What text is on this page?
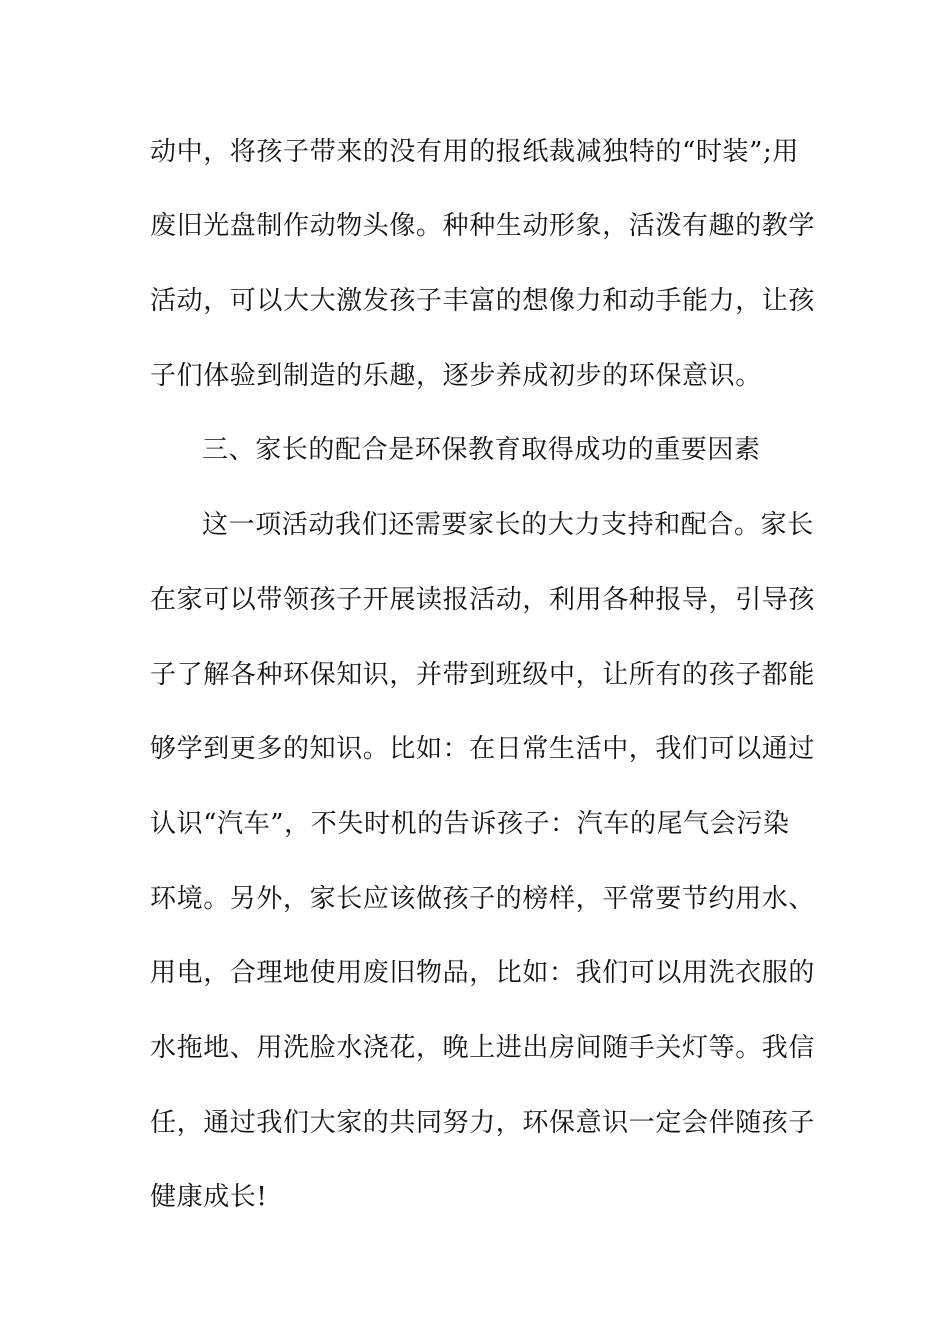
动中，将孩子带来的没有用的报纸裁减独特的“时装”;用
废旧光盘制作动物头像。种种生动形象，活泼有趣的教学
活动，可以大大激发孩子丰富的想像力和动手能力，让孩
子们体验到制造的乐趣，逐步养成初步的环保意识。
三、家长的配合是环保教育取得成功的重要因素
这一项活动我们还需要家长的大力支持和配合。家长
在家可以带领孩子开展读报活动，利用各种报导，引导孩
子了解各种环保知识，并带到班级中，让所有的孩子都能
够学到更多的知识。比如：在日常生活中，我们可以通过
认识“汽车”，不失时机的告诉孩子：汽车的尾气会污染
环境。另外，家长应该做孩子的榜样，平常要节约用水、
用电，合理地使用废旧物品，比如：我们可以用洗衣服的
水拖地、用洗脸水浇花，晚上进出房间随手关灯等。我信
任，通过我们大家的共同努力，环保意识一定会伴随孩子
健康成长!
